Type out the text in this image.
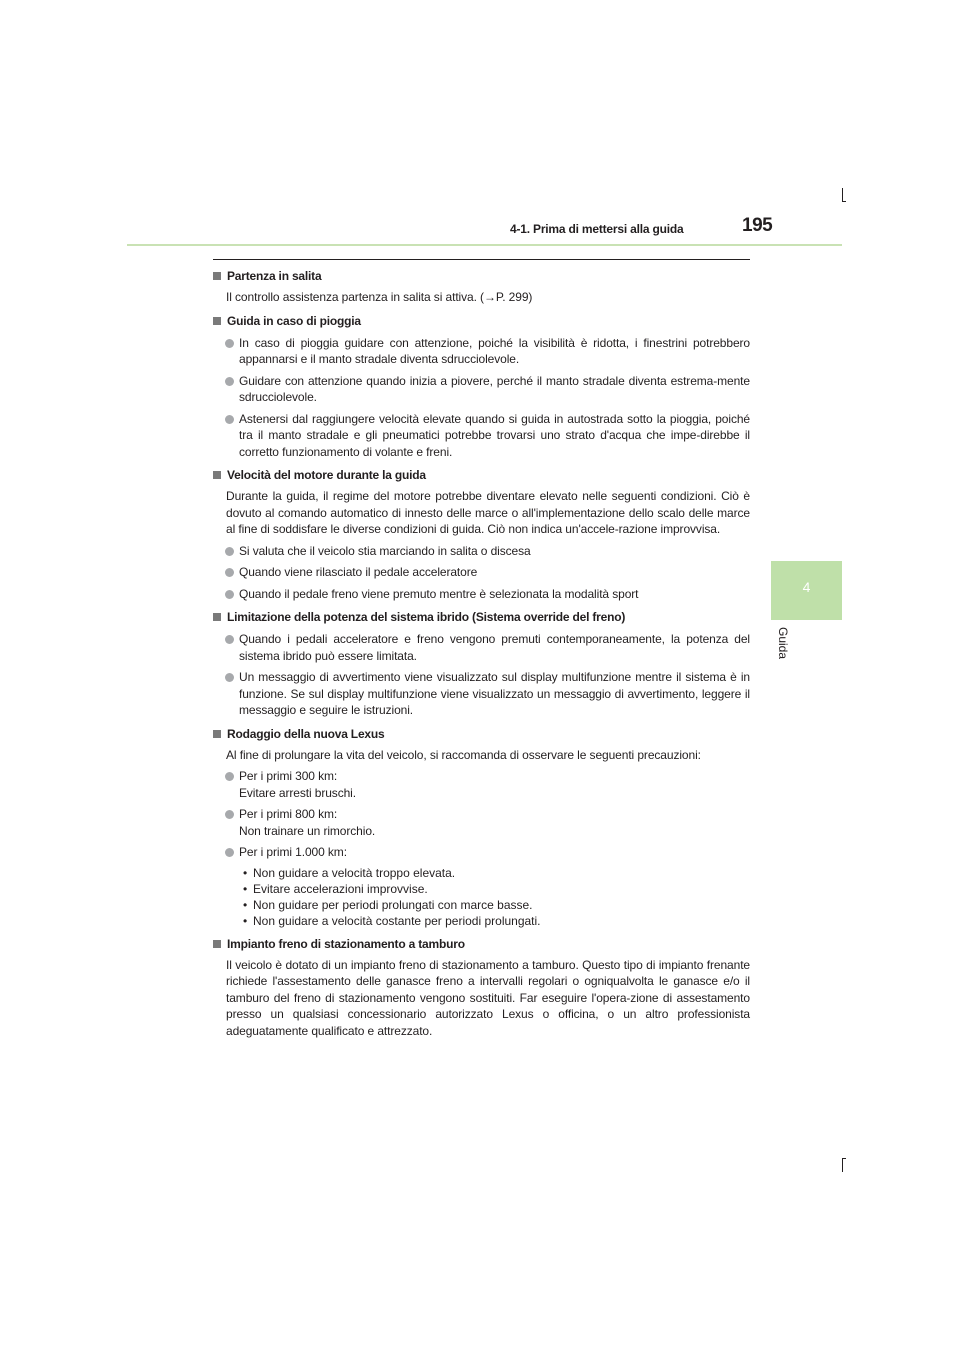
4-1. Prima di mettersi alla guida	195
4
Guida
Partenza in salita
Il controllo assistenza partenza in salita si attiva. (→P. 299)
Guida in caso di pioggia
In caso di pioggia guidare con attenzione, poiché la visibilità è ridotta, i finestrini potrebbero appannarsi e il manto stradale diventa sdrucciolevole.
Guidare con attenzione quando inizia a piovere, perché il manto stradale diventa estrema-mente sdrucciolevole.
Astenersi dal raggiungere velocità elevate quando si guida in autostrada sotto la pioggia, poiché tra il manto stradale e gli pneumatici potrebbe trovarsi uno strato d'acqua che impe-direbbe il corretto funzionamento di volante e freni.
Velocità del motore durante la guida
Durante la guida, il regime del motore potrebbe diventare elevato nelle seguenti condizioni. Ciò è dovuto al comando automatico di innesto delle marce o all'implementazione dello scalo delle marce al fine di soddisfare le diverse condizioni di guida. Ciò non indica un'accele-razione improvvisa.
Si valuta che il veicolo stia marciando in salita o discesa
Quando viene rilasciato il pedale acceleratore
Quando il pedale freno viene premuto mentre è selezionata la modalità sport
Limitazione della potenza del sistema ibrido (Sistema override del freno)
Quando i pedali acceleratore e freno vengono premuti contemporaneamente, la potenza del sistema ibrido può essere limitata.
Un messaggio di avvertimento viene visualizzato sul display multifunzione mentre il sistema è in funzione. Se sul display multifunzione viene visualizzato un messaggio di avvertimento, leggere il messaggio e seguire le istruzioni.
Rodaggio della nuova Lexus
Al fine di prolungare la vita del veicolo, si raccomanda di osservare le seguenti precauzioni:
Per i primi 300 km:
Evitare arresti bruschi.
Per i primi 800 km:
Non trainare un rimorchio.
Per i primi 1.000 km:
• Non guidare a velocità troppo elevata.
• Evitare accelerazioni improvvise.
• Non guidare per periodi prolungati con marce basse.
• Non guidare a velocità costante per periodi prolungati.
Impianto freno di stazionamento a tamburo
Il veicolo è dotato di un impianto freno di stazionamento a tamburo. Questo tipo di impianto frenante richiede l'assestamento delle ganasce freno a intervalli regolari o ogniqualvolta le ganasce e/o il tamburo del freno di stazionamento vengono sostituiti. Far eseguire l'opera-zione di assestamento presso un qualsiasi concessionario autorizzato Lexus o officina, o un altro professionista adeguatamente qualificato e attrezzato.
